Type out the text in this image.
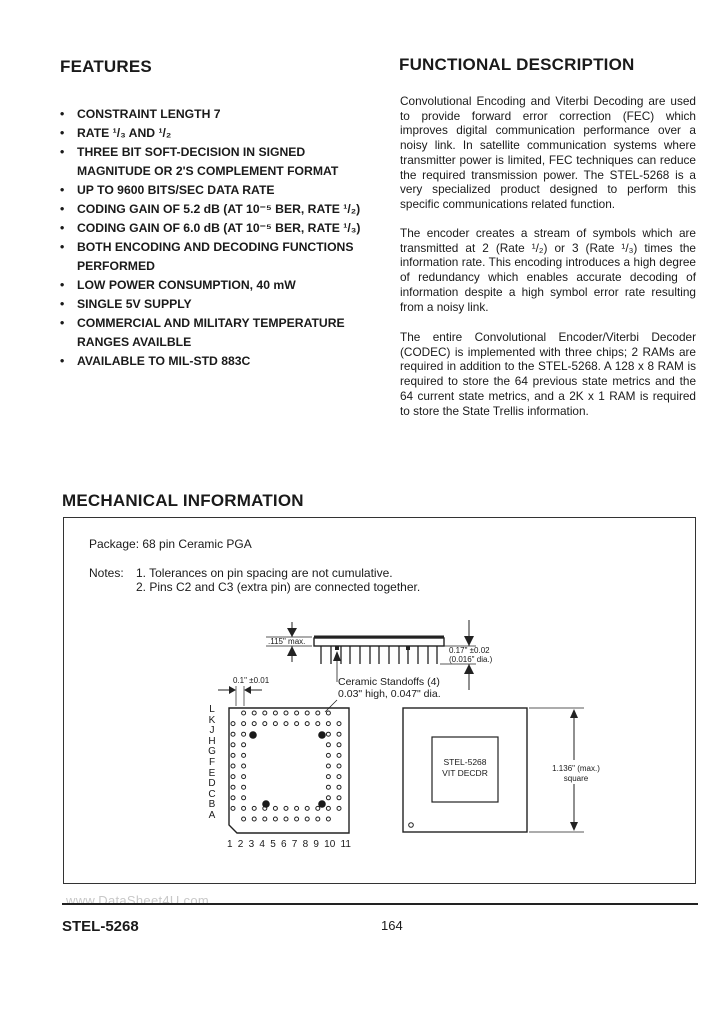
FEATURES
• CONSTRAINT LENGTH 7
• RATE ¹/₃ AND ¹/₂
• THREE BIT SOFT-DECISION IN SIGNED MAGNITUDE OR 2'S COMPLEMENT FORMAT
• UP TO 9600 BITS/SEC DATA RATE
• CODING GAIN OF 5.2 dB (AT 10⁻⁵ BER, RATE ¹/₂)
• CODING GAIN OF 6.0 dB (AT 10⁻⁵ BER, RATE ¹/₃)
• BOTH ENCODING AND DECODING FUNCTIONS PERFORMED
• LOW POWER CONSUMPTION, 40 mW
• SINGLE 5V SUPPLY
• COMMERCIAL AND MILITARY TEMPERATURE RANGES AVAILBLE
• AVAILABLE TO MIL-STD 883C
FUNCTIONAL DESCRIPTION

Convolutional Encoding and Viterbi Decoding are used to provide forward error correction (FEC) which improves digital communication performance over a noisy link. In satellite communication systems where transmitter power is limited, FEC techniques can reduce the required transmission power. The STEL-5268 is a very specialized product designed to perform this specific communications related function.

The encoder creates a stream of symbols which are transmitted at 2 (Rate ¹/₂) or 3 (Rate ¹/₃) times the information rate. This encoding introduces a high degree of redundancy which enables accurate decoding of information despite a high symbol error rate resulting from a noisy link.

The entire Convolutional Encoder/Viterbi Decoder (CODEC) is implemented with three chips; 2 RAMs are required in addition to the STEL-5268. A 128 x 8 RAM is required to store the 64 previous state metrics and the 64 current state metrics, and a 2K x 1 RAM is required to store the State Trellis information.

MECHANICAL INFORMATION
Package: 68 pin Ceramic PGA
Notes: 1. Tolerances on pin spacing are not cumulative.
2. Pins C2 and C3 (extra pin) are connected together.
.115" max.
0.17" ±0.02
(0.016" dia.)
0.1" ±0.01	Ceramic Standoffs (4)
0.03" high, 0.047" dia.
L
K
J
H
G
F
E
D
C
B
A
1 2 3 4 5 6 7 8 9 10 11
STEL-5268
VIT DECDR	1.136" (max.)
square
www.DataSheet4U.com
STEL-5268	164
